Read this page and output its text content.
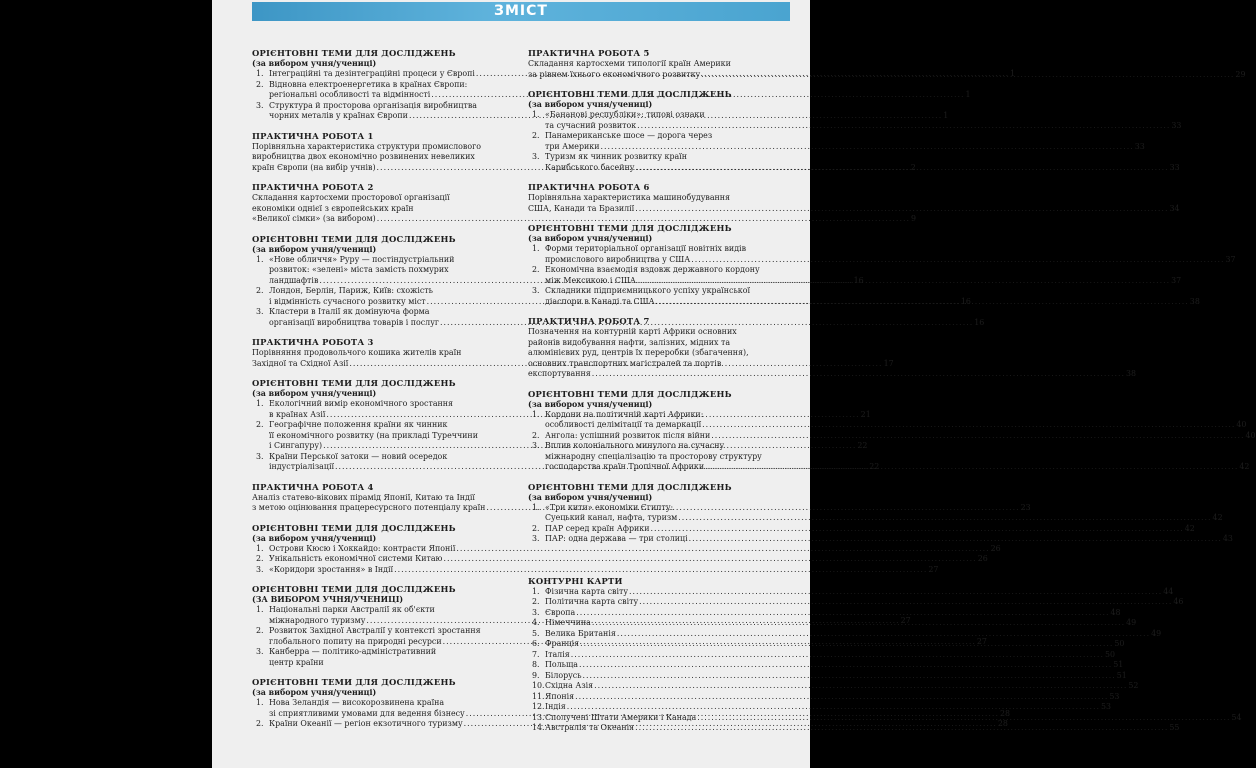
ЗМІСТ
ОРІЄНТОВНІ ТЕМИ ДЛЯ ДОСЛІДЖЕНЬ
(за вибором учня/учениці)
1. Інтеграційні та дезінтеграційні процеси у Європі .....	1
2. Відновна електроенергетика в країнах Європи:
регіональні особливості та відмінності .....	1
3. Структура й просторова організація виробництва
чорних металів у країнах Європи .....	1
ПРАКТИЧНА РОБОТА 1
Порівняльна характеристика структури промислового
виробництва двох економічно розвинених невеликих
країн Європи (на вибір учнів) .....	2
ПРАКТИЧНА РОБОТА 2
Складання картосхеми просторової організації
економіки однієї з європейських країн
«Великої сімки» (за вибором) .....	9
ОРІЄНТОВНІ ТЕМИ ДЛЯ ДОСЛІДЖЕНЬ
(за вибором учня/учениці)
1. «Нове обличчя» Руру — постіндустріальний
розвиток: «зелені» міста замість похмурих
ландшафтів .....	16
2. Лондон, Берлін, Париж, Київ: схожість
і відмінність сучасного розвитку міст .....	16
3. Кластери в Італії як домінуюча форма
організації виробництва товарів і послуг .....	16
ПРАКТИЧНА РОБОТА 3
Порівняння продовольчого кошика жителів країн
Західної та Східної Азії .....	17
ОРІЄНТОВНІ ТЕМИ ДЛЯ ДОСЛІДЖЕНЬ
(за вибором учня/учениці)
1. Екологічний вимір економічного зростання
в країнах Азії .....	21
2. Географічне положення країни як чинник
її економічного розвитку (на прикладі Туреччини
і Сингапуру) .....	22
3. Країни Перської затоки — новий осередок
індустріалізації .....	22
ПРАКТИЧНА РОБОТА 4
Аналіз статево-вікових пірамід Японії, Китаю та Індії
з метою оцінювання працересурсного потенціалу країн .....	23
ОРІЄНТОВНІ ТЕМИ ДЛЯ ДОСЛІДЖЕНЬ
(за вибором учня/учениці)
1. Острови Кюсю і Хоккайдо: контрасти Японії .....	26
2. Унікальність економічної системи Китаю .....	26
3. «Коридори зростання» в Індії .....	27
ОРІЄНТОВНІ ТЕМИ ДЛЯ ДОСЛІДЖЕНЬ
(ЗА ВИБОРОМ УЧНЯ/УЧЕНИЦІ)
1. Національні парки Австралії як об'єкти
міжнародного туризму .....	27
2. Розвиток Західної Австралії у контексті зростання
глобального попиту на природні ресурси .....	27
3. Канберра — політико-адміністративний
центр країни
ОРІЄНТОВНІ ТЕМИ ДЛЯ ДОСЛІДЖЕНЬ
(за вибором учня/учениці)
1. Нова Зеландія — високорозвинена країна
зі сприятливими умовами для ведення бізнесу .....	28
2. Країни Океанії — регіон екзотичного туризму .....	28
ПРАКТИЧНА РОБОТА 5
Складання картосхеми типології країн Америки
за рівнем їхнього економічного розвитку .....	29
ОРІЄНТОВНІ ТЕМИ ДЛЯ ДОСЛІДЖЕНЬ
(за вибором учня/учениці)
1. «Бананові республіки»: типові ознаки
та сучасний розвиток .....	33
2. Панамериканське шосе — дорога через
три Америки .....	33
3. Туризм як чинник розвитку країн
Карибського басейну .....	33
ПРАКТИЧНА РОБОТА 6
Порівняльна характеристика машинобудування
США, Канади та Бразилії .....	34
ОРІЄНТОВНІ ТЕМИ ДЛЯ ДОСЛІДЖЕНЬ
(за вибором учня/учениці)
1. Форми територіальної організації новітніх видів
промислового виробництва у США .....	37
2. Економічна взаємодія вздовж державного кордону
між Мексикою і США .....	37
3. Складники підприємницького успіху української
діаспори в Канаді та США .....	38
ПРАКТИЧНА РОБОТА 7
Позначення на контурній карті Африки основних
районів видобування нафти, залізних, мідних та
алюмінієвих руд, центрів їх переробки (збагачення),
основних транспортних магістралей та портів
експортування .....	38
ОРІЄНТОВНІ ТЕМИ ДЛЯ ДОСЛІДЖЕНЬ
(за вибором учня/учениці)
1. Кордони на політичній карті Африки:
особливості делімітації та демаркації .....	40
2. Ангола: успішний розвиток після війни .....	40
3. Вплив колоніального минулого на сучасну
міжнародну спеціалізацію та просторову структуру
господарства країн Тропічної Африки .....	42
ОРІЄНТОВНІ ТЕМИ ДЛЯ ДОСЛІДЖЕНЬ
(за вибором учня/учениці)
1. «Три кити» економіки Єгипту:
Суецький канал, нафта, туризм .....	42
2. ПАР серед країн Африки .....	42
3. ПАР: одна держава — три столиці .....	43
КОНТУРНІ КАРТИ
1. Фізична карта світу .....	44
2. Політична карта світу .....	46
3. Європа .....	48
4. Німеччина .....	49
5. Велика Британія .....	49
6. Франція .....	50
7. Італія .....	50
8. Польща .....	51
9. Білорусь .....	51
10. Східна Азія .....	52
11. Японія .....	53
12. Індія .....	53
13. Сполучені Штати Америки і Канада .....	54
14. Австралія та Океанія .....	55
